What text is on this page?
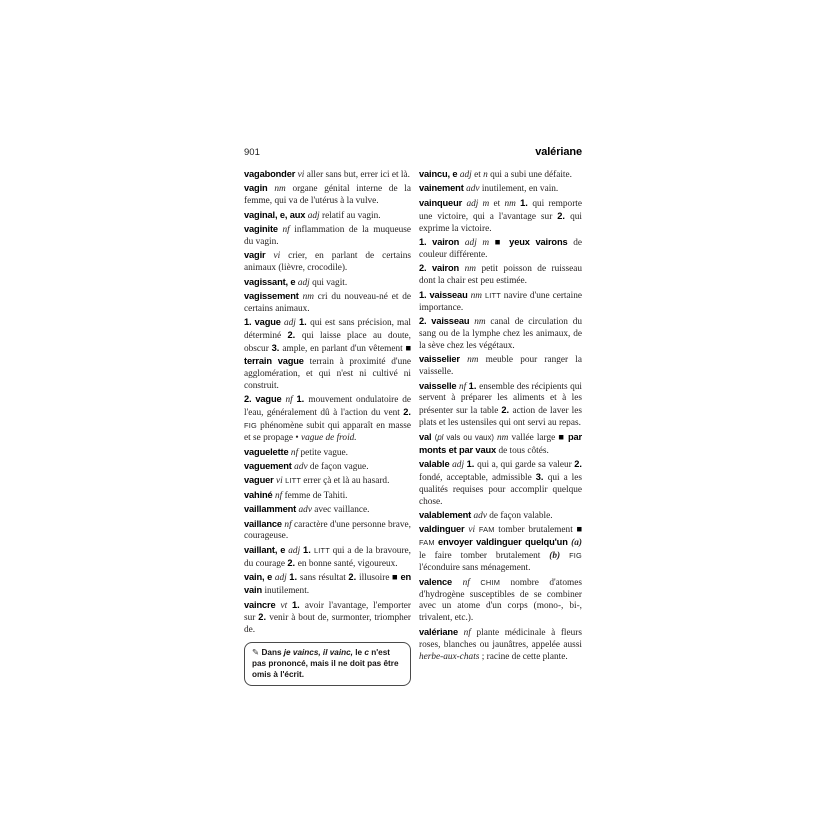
901	valériane

vagabonder vi aller sans but, errer ici et là.

vagin nm organe génital interne de la femme, qui va de l'utérus à la vulve.

vaginal, e, aux adj relatif au vagin.

vaginite nf inflammation de la muqueuse du vagin.

vagir vi crier, en parlant de certains animaux (lièvre, crocodile).

vagissant, e adj qui vagit.

vagissement nm cri du nouveau-né et de certains animaux.

1. vague adj 1. qui est sans précision, mal déterminé 2. qui laisse place au doute, obscur 3. ample, en parlant d'un vêtement ■ terrain vague terrain à proximité d'une agglomération, et qui n'est ni cultivé ni construit.

2. vague nf 1. mouvement ondulatoire de l'eau, généralement dû à l'action du vent 2. FIG phénomène subit qui apparaît en masse et se propage • vague de froid.

vaguelette nf petite vague.

vaguement adv de façon vague.

vaguer vi LITT errer çà et là au hasard.

vahiné nf femme de Tahiti.

vaillamment adv avec vaillance.

vaillance nf caractère d'une personne brave, courageuse.

vaillant, e adj 1. LITT qui a de la bravoure, du courage 2. en bonne santé, vigoureux.

vain, e adj 1. sans résultat 2. illusoire ■ en vain inutilement.

vaincre vt 1. avoir l'avantage, l'emporter sur 2. venir à bout de, surmonter, triompher de.

✎ Dans je vaincs, il vainc, le c n'est pas prononcé, mais il ne doit pas être omis à l'écrit.

vaincu, e adj et n qui a subi une défaite.

vainement adv inutilement, en vain.

vainqueur adj m et nm 1. qui remporte une victoire, qui a l'avantage sur 2. qui exprime la victoire.

1. vairon adj m ■ yeux vairons de couleur différente.

2. vairon nm petit poisson de ruisseau dont la chair est peu estimée.

1. vaisseau nm LITT navire d'une certaine importance.

2. vaisseau nm canal de circulation du sang ou de la lymphe chez les animaux, de la sève chez les végétaux.

vaisselier nm meuble pour ranger la vaisselle.

vaisselle nf 1. ensemble des récipients qui servent à préparer les aliments et à les présenter sur la table 2. action de laver les plats et les ustensiles qui ont servi au repas.

val (pl vals ou vaux) nm vallée large ■ par monts et par vaux de tous côtés.

valable adj 1. qui a, qui garde sa valeur 2. fondé, acceptable, admissible 3. qui a les qualités requises pour accomplir quelque chose.

valablement adv de façon valable.

valdinguer vi FAM tomber brutalement ■ FAM envoyer valdinguer quelqu'un (a) le faire tomber brutalement (b) FIG l'éconduire sans ménagement.

valence nf CHIM nombre d'atomes d'hydrogène susceptibles de se combiner avec un atome d'un corps (mono-, bi-, trivalent, etc.).

valériane nf plante médicinale à fleurs roses, blanches ou jaunâtres, appelée aussi herbe-aux-chats ; racine de cette plante.
